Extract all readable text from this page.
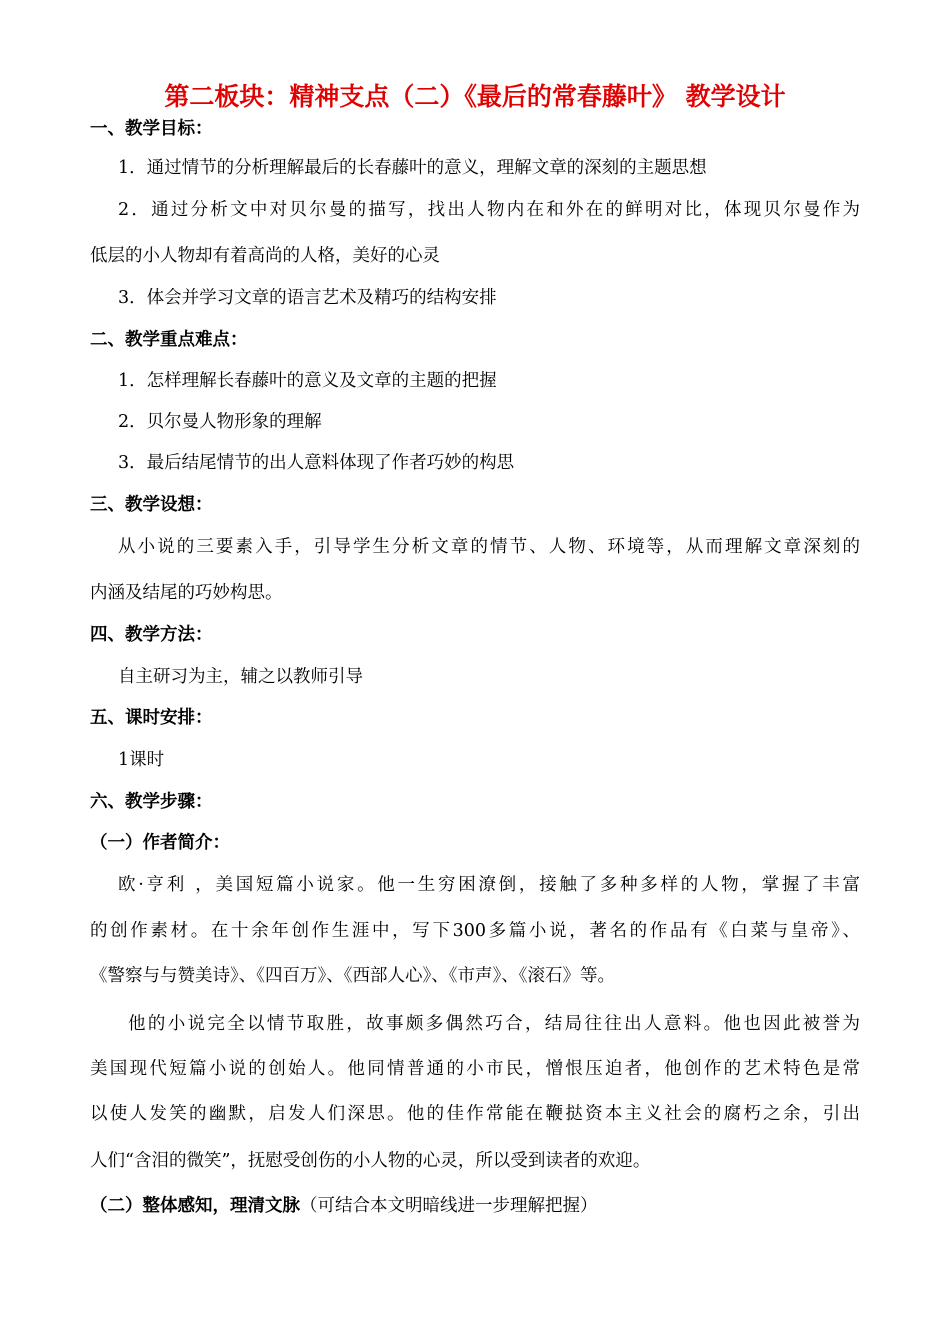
第二板块：精神支点（二）《最后的常春藤叶》 教学设计
一、教学目标：
1．通过情节的分析理解最后的长春藤叶的意义，理解文章的深刻的主题思想
2．通过分析文中对贝尔曼的描写，找出人物内在和外在的鲜明对比，体现贝尔曼作为
低层的小人物却有着高尚的人格，美好的心灵
3．体会并学习文章的语言艺术及精巧的结构安排
二、教学重点难点：
1．怎样理解长春藤叶的意义及文章的主题的把握
2．贝尔曼人物形象的理解
3．最后结尾情节的出人意料体现了作者巧妙的构思
三、教学设想：
从小说的三要素入手，引导学生分析文章的情节、人物、环境等，从而理解文章深刻的
内涵及结尾的巧妙构思。
四、教学方法：
自主研习为主，辅之以教师引导
五、课时安排：
1课时
六、教学步骤：
（一）作者简介：
欧·亨利 ，美国短篇小说家。他一生穷困潦倒，接触了多种多样的人物，掌握了丰富
的创作素材。在十余年创作生涯中，写下300多篇小说，著名的作品有《白菜与皇帝》、
《警察与与赞美诗》、《四百万》、《西部人心》、《市声》、《滚石》等。
他的小说完全以情节取胜，故事颇多偶然巧合，结局往往出人意料。他也因此被誉为
美国现代短篇小说的创始人。他同情普通的小市民，憎恨压迫者，他创作的艺术特色是常
以使人发笑的幽默，启发人们深思。他的佳作常能在鞭挞资本主义社会的腐朽之余，引出
人们“含泪的微笑”，抚慰受创伤的小人物的心灵，所以受到读者的欢迎。
（二）整体感知，理清文脉（可结合本文明暗线进一步理解把握）
